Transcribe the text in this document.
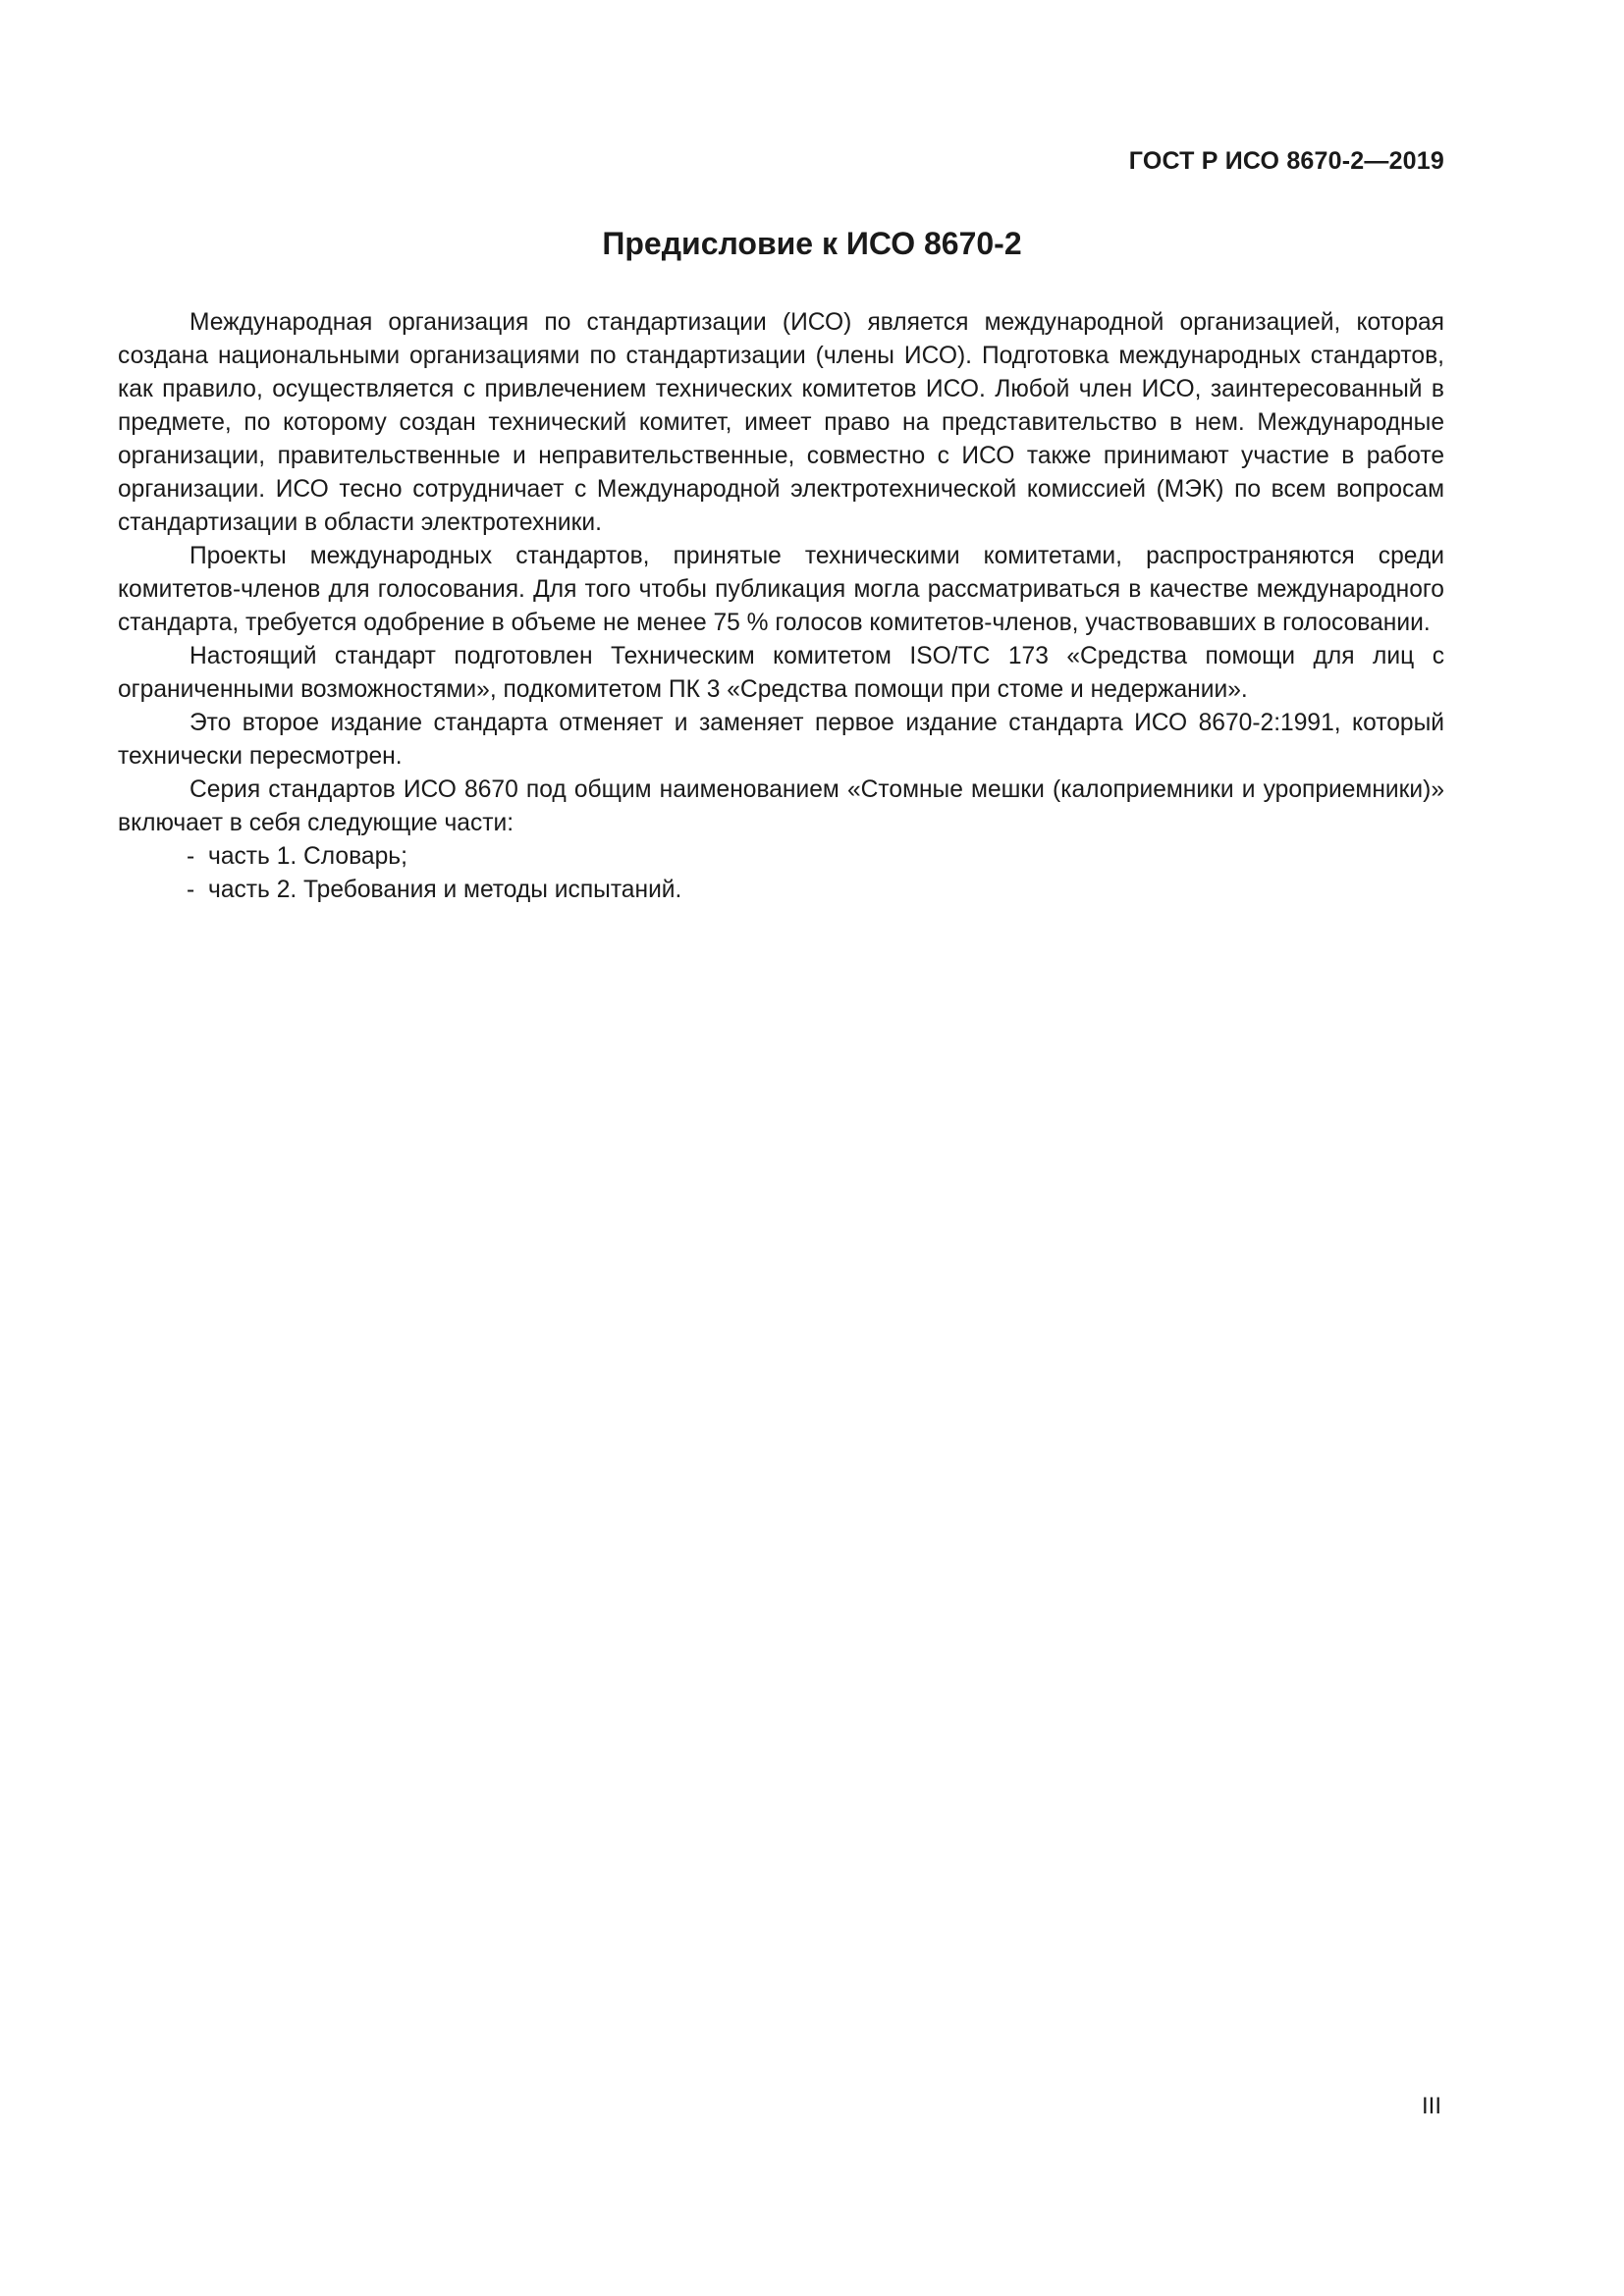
ГОСТ Р ИСО 8670-2—2019
Предисловие к ИСО 8670-2

Международная организация по стандартизации (ИСО) является международной организацией, которая создана национальными организациями по стандартизации (члены ИСО). Подготовка международных стандартов, как правило, осуществляется с привлечением технических комитетов ИСО. Любой член ИСО, заинтересованный в предмете, по которому создан технический комитет, имеет право на представительство в нем. Международные организации, правительственные и неправительственные, совместно с ИСО также принимают участие в работе организации. ИСО тесно сотрудничает с Международной электротехнической комиссией (МЭК) по всем вопросам стандартизации в области электротехники.

Проекты международных стандартов, принятые техническими комитетами, распространяются среди комитетов-членов для голосования. Для того чтобы публикация могла рассматриваться в качестве международного стандарта, требуется одобрение в объеме не менее 75 % голосов комитетов-членов, участвовавших в голосовании.

Настоящий стандарт подготовлен Техническим комитетом ISO/TC 173 «Средства помощи для лиц с ограниченными возможностями», подкомитетом ПК 3 «Средства помощи при стоме и недержании».

Это второе издание стандарта отменяет и заменяет первое издание стандарта ИСО 8670-2:1991, который технически пересмотрен.

Серия стандартов ИСО 8670 под общим наименованием «Стомные мешки (калоприемники и уроприемники)» включает в себя следующие части:

- часть 1. Словарь;
- часть 2. Требования и методы испытаний.
III
